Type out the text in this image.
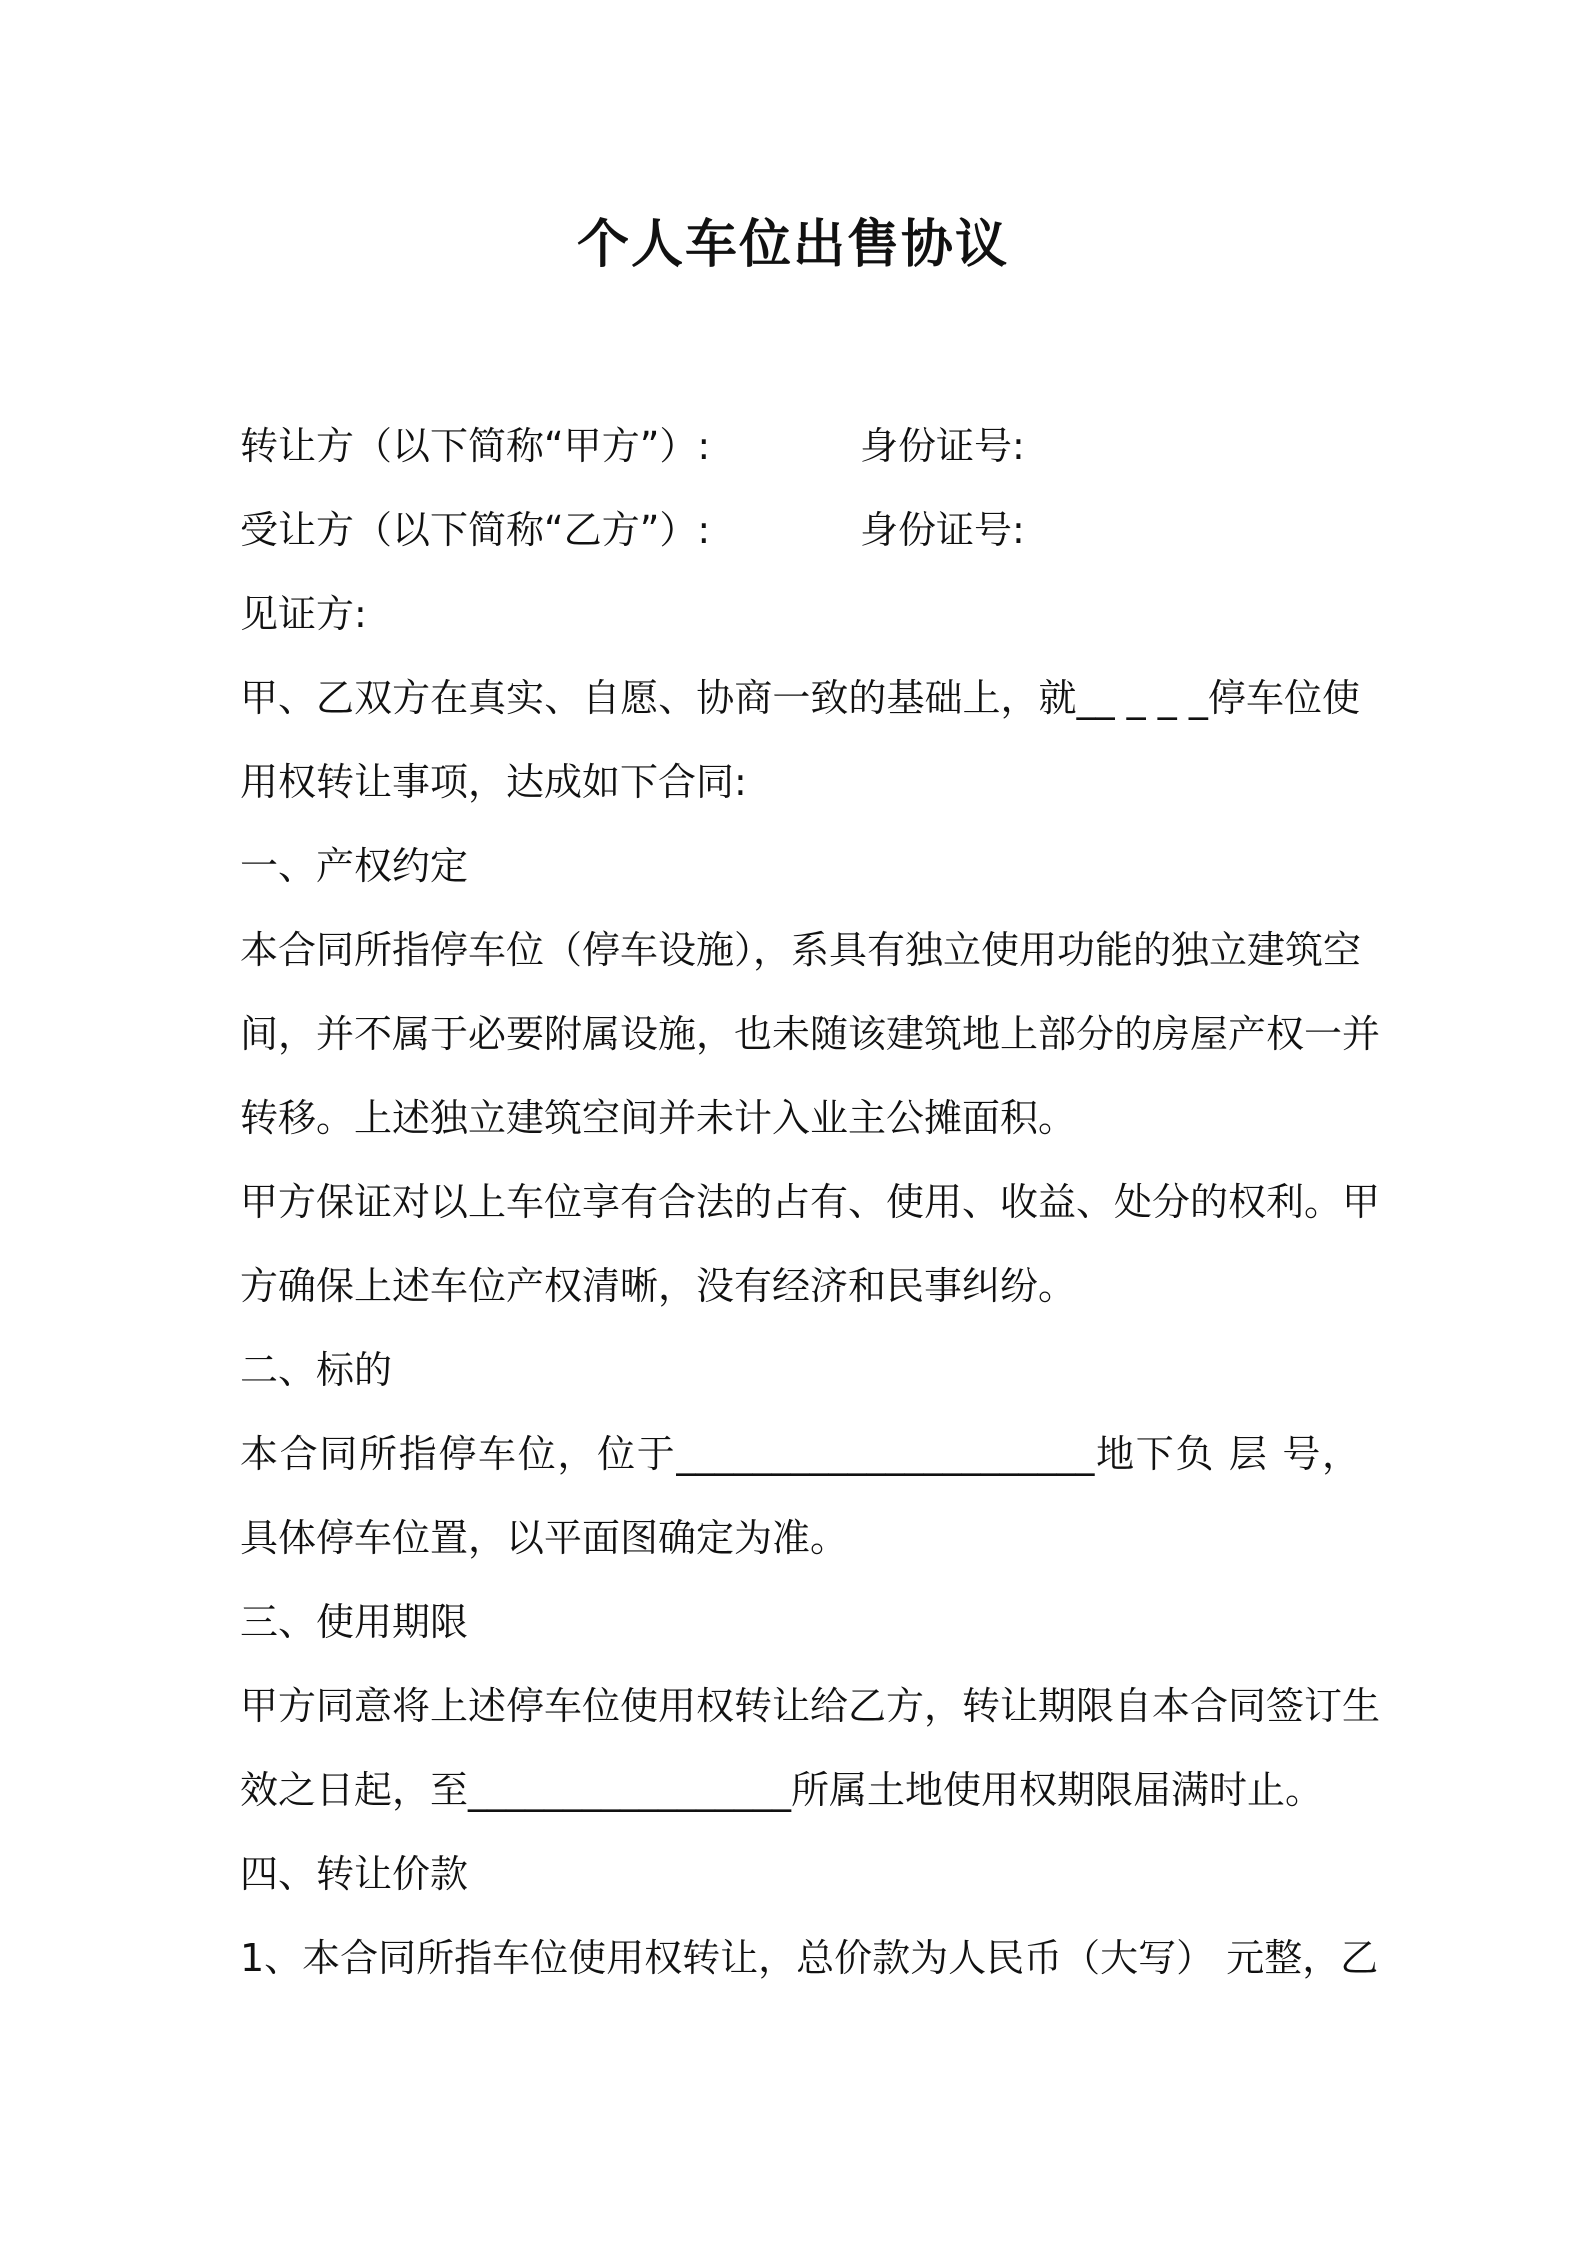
个人车位出售协议
转让方（以下简称“甲方”）:	身份证号:
受让方（以下简称“乙方”）:	身份证号:
见证方:
甲、乙双方在真实、自愿、协商一致的基础上，就__ _ _ _停车位使
用权转让事项，达成如下合同:
一、产权约定
本合同所指停车位（停车设施），系具有独立使用功能的独立建筑空
间，并不属于必要附属设施，也未随该建筑地上部分的房屋产权一并
转移。上述独立建筑空间并未计入业主公摊面积。
甲方保证对以上车位享有合法的占有、使用、收益、处分的权利。甲
方确保上述车位产权清晰，没有经济和民事纠纷。
二、标的
本合同所指停车位，位于______________________地下负 层 号，
具体停车位置，以平面图确定为准。
三、使用期限
甲方同意将上述停车位使用权转让给乙方，转让期限自本合同签订生
效之日起，至_________________所属土地使用权期限届满时止。
四、转让价款
1、本合同所指车位使用权转让，总价款为人民币（大写） 元整，乙
